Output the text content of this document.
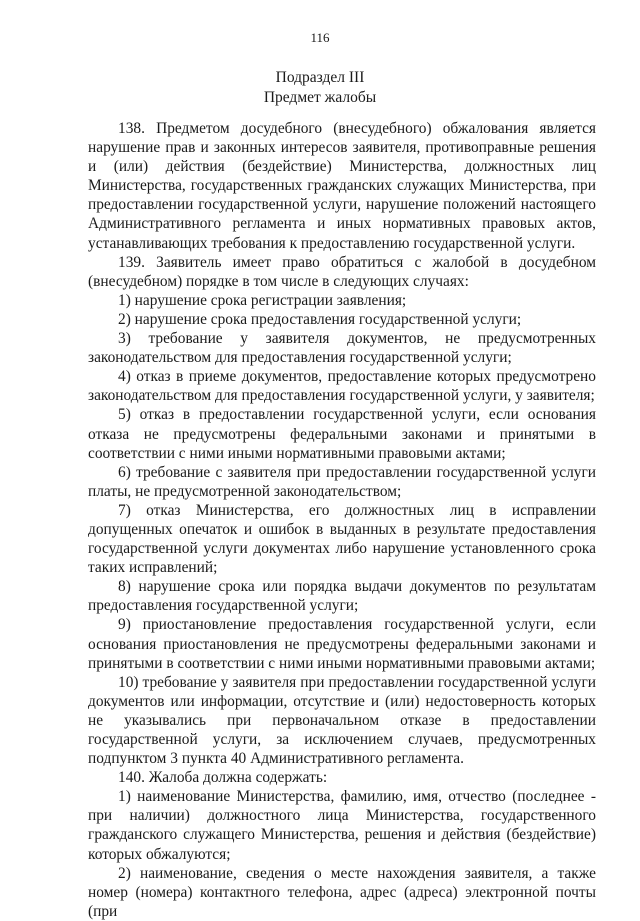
116
Подраздел III
Предмет жалобы

138. Предметом досудебного (внесудебного) обжалования является нарушение прав и законных интересов заявителя, противоправные решения и (или) действия (бездействие) Министерства, должностных лиц Министерства, государственных гражданских служащих Министерства, при предоставлении государственной услуги, нарушение положений настоящего Административного регламента и иных нормативных правовых актов, устанавливающих требования к предоставлению государственной услуги.

139. Заявитель имеет право обратиться с жалобой в досудебном (внесудебном) порядке в том числе в следующих случаях:

1) нарушение срока регистрации заявления;

2) нарушение срока предоставления государственной услуги;

3) требование у заявителя документов, не предусмотренных законодательством для предоставления государственной услуги;

4) отказ в приеме документов, предоставление которых предусмотрено законодательством для предоставления государственной услуги, у заявителя;

5) отказ в предоставлении государственной услуги, если основания отказа не предусмотрены федеральными законами и принятыми в соответствии с ними иными нормативными правовыми актами;

6) требование с заявителя при предоставлении государственной услуги платы, не предусмотренной законодательством;

7) отказ Министерства, его должностных лиц в исправлении допущенных опечаток и ошибок в выданных в результате предоставления государственной услуги документах либо нарушение установленного срока таких исправлений;

8) нарушение срока или порядка выдачи документов по результатам предоставления государственной услуги;

9) приостановление предоставления государственной услуги, если основания приостановления не предусмотрены федеральными законами и принятыми в соответствии с ними иными нормативными правовыми актами;

10) требование у заявителя при предоставлении государственной услуги документов или информации, отсутствие и (или) недостоверность которых не указывались при первоначальном отказе в предоставлении государственной услуги, за исключением случаев, предусмотренных подпунктом 3 пункта 40 Административного регламента.

140. Жалоба должна содержать:

1) наименование Министерства, фамилию, имя, отчество (последнее - при наличии) должностного лица Министерства, государственного гражданского служащего Министерства, решения и действия (бездействие) которых обжалуются;

2) наименование, сведения о месте нахождения заявителя, а также номер (номера) контактного телефона, адрес (адреса) электронной почты (при
